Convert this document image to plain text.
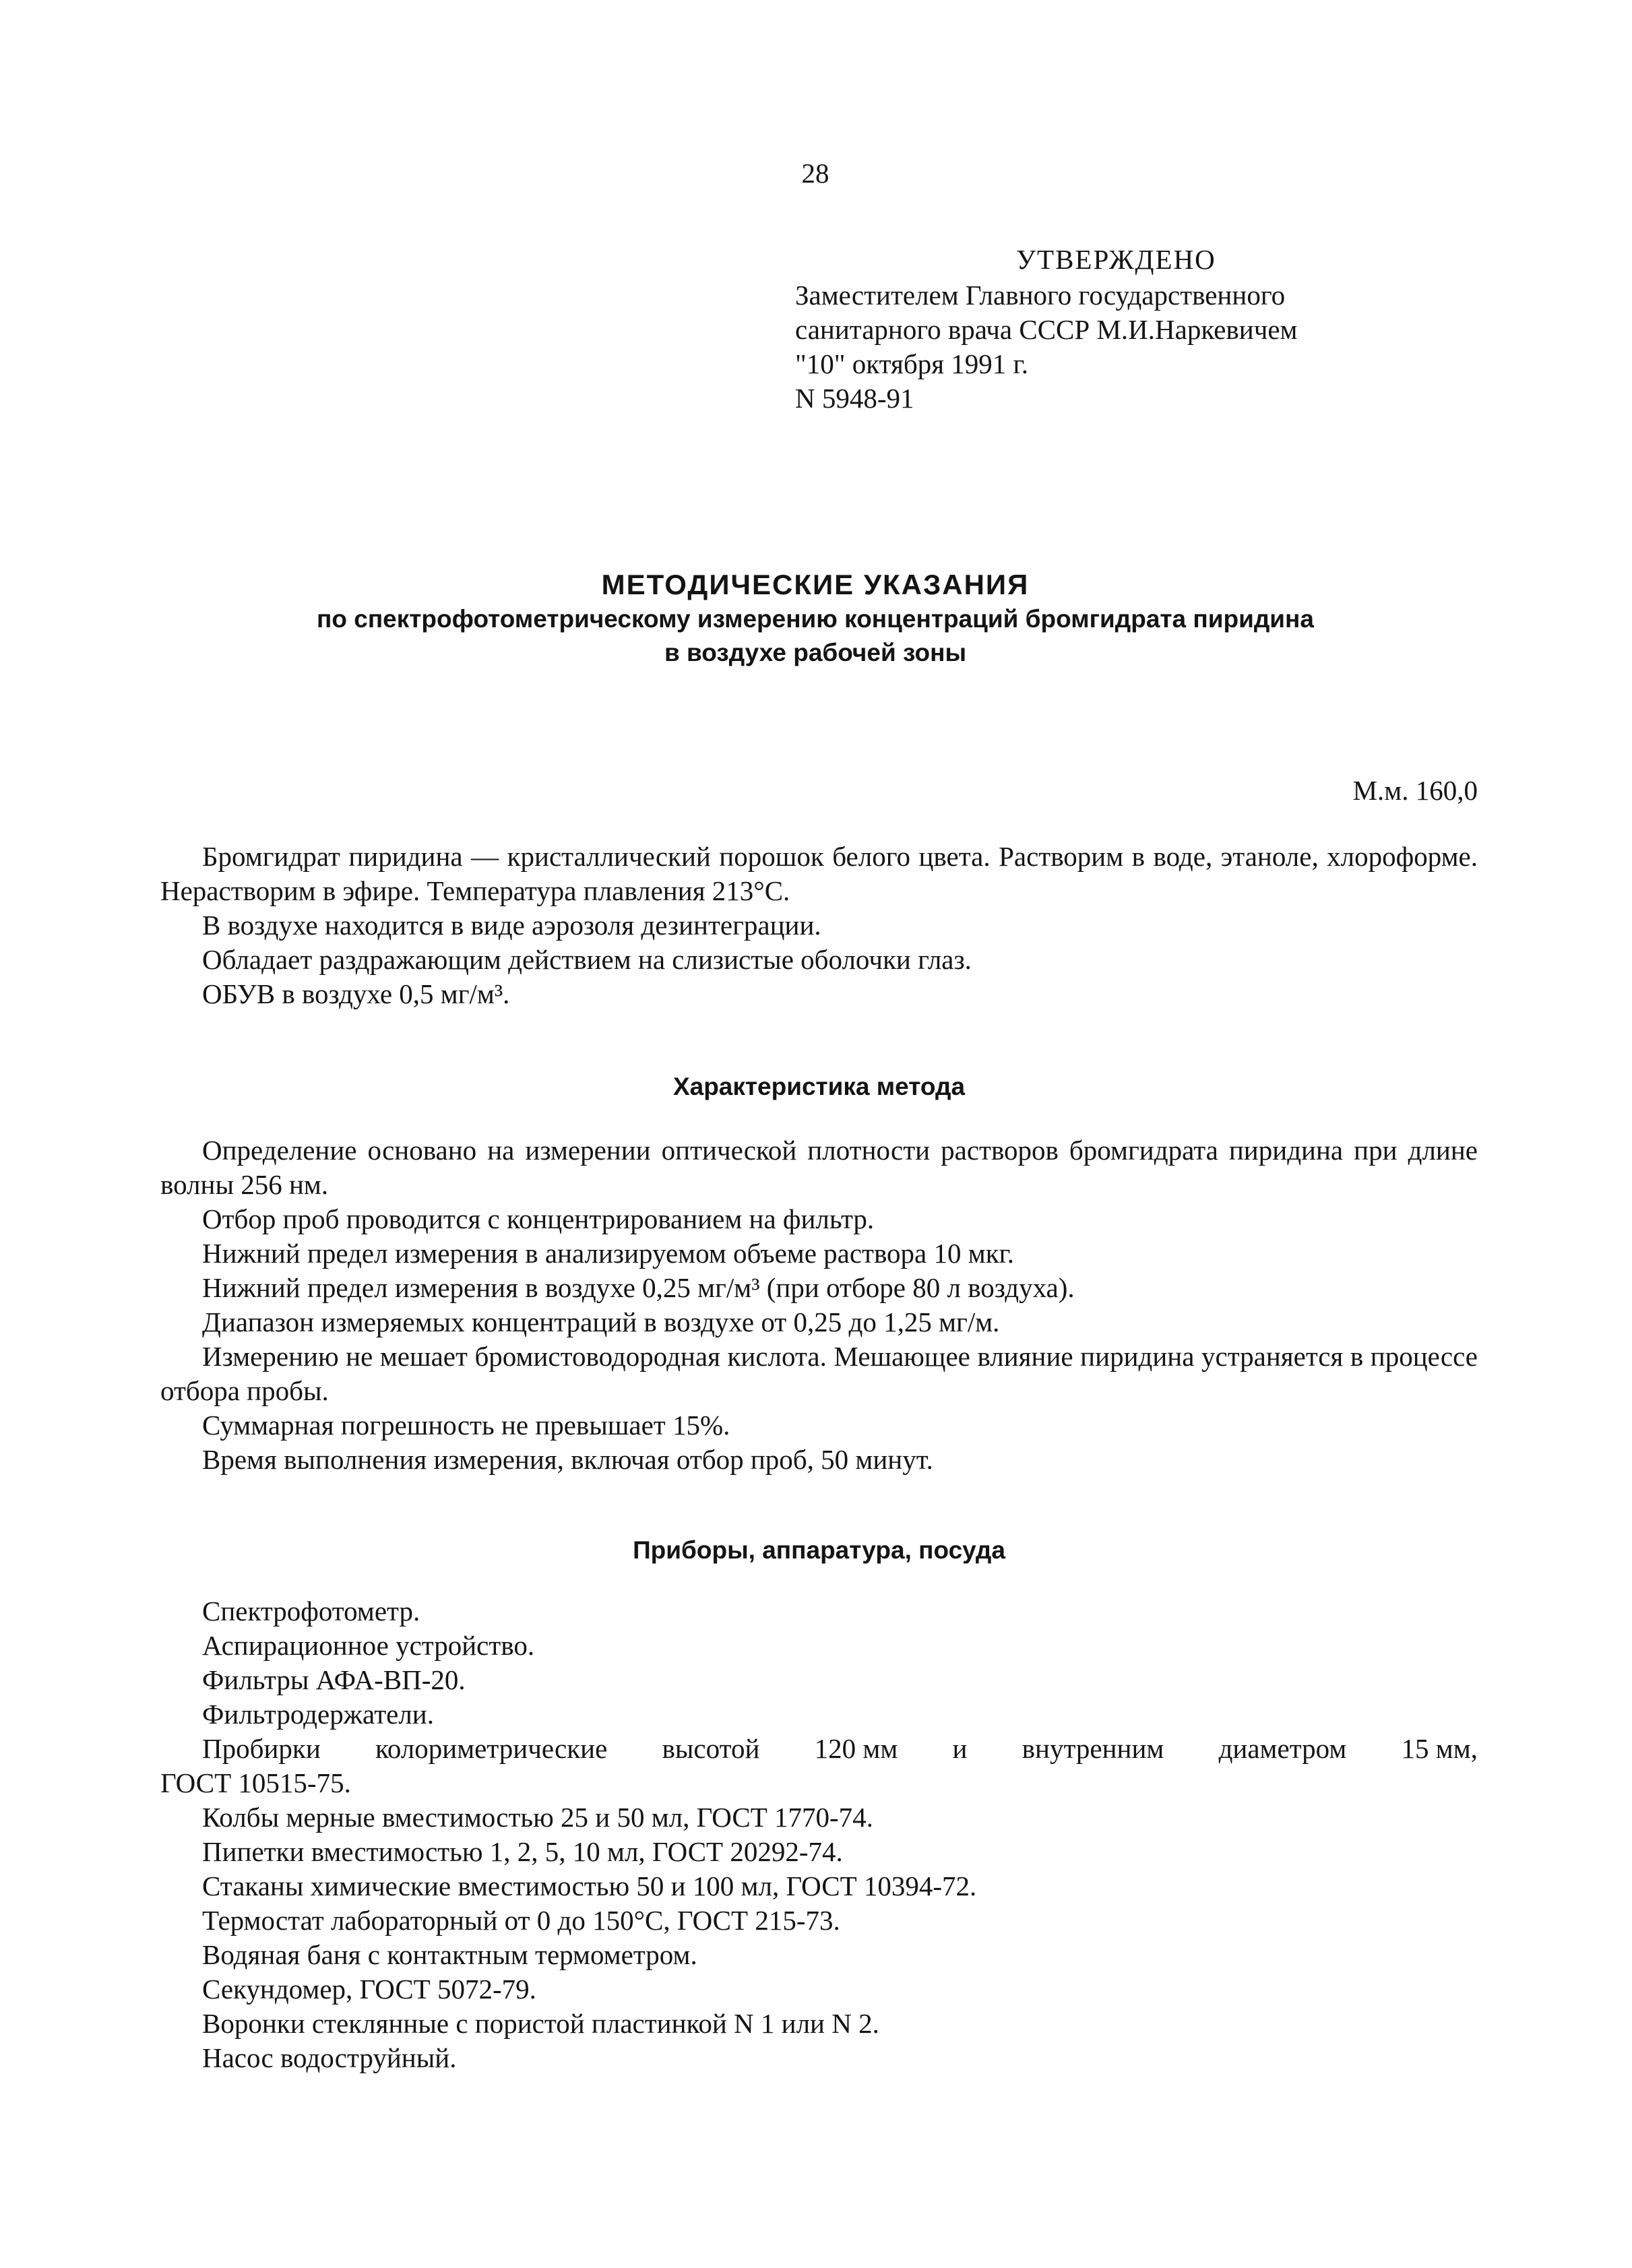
28
УТВЕРЖДЕНО
Заместителем Главного государственного
санитарного врача СССР М.И.Наркевичем
"10" октября 1991 г.
N 5948-91
МЕТОДИЧЕСКИЕ УКАЗАНИЯ
по спектрофотометрическому измерению концентраций бромгидрата пиридина
в воздухе рабочей зоны
М.м. 160,0

Бромгидрат пиридина — кристаллический порошок белого цвета. Растворим в воде, этаноле, хлороформе. Нерастворим в эфире. Температура плавления 213°С.

В воздухе находится в виде аэрозоля дезинтеграции.

Обладает раздражающим действием на слизистые оболочки глаз.

ОБУВ в воздухе 0,5 мг/м³.

Характеристика метода

Определение основано на измерении оптической плотности растворов бромгидрата пиридина при длине волны 256 нм.

Отбор проб проводится с концентрированием на фильтр.

Нижний предел измерения в анализируемом объеме раствора 10 мкг.

Нижний предел измерения в воздухе 0,25 мг/м³ (при отборе 80 л воздуха).

Диапазон измеряемых концентраций в воздухе от 0,25 до 1,25 мг/м.

Измерению не мешает бромистоводородная кислота. Мешающее влияние пиридина устраняется в процессе отбора пробы.

Суммарная погрешность не превышает 15%.

Время выполнения измерения, включая отбор проб, 50 минут.

Приборы, аппаратура, посуда

Спектрофотометр.

Аспирационное устройство.

Фильтры АФА-ВП-20.

Фильтродержатели.

Пробирки колориметрические высотой 120 мм и внутренним диаметром 15 мм,

ГОСТ 10515-75.

Колбы мерные вместимостью 25 и 50 мл, ГОСТ 1770-74.

Пипетки вместимостью 1, 2, 5, 10 мл, ГОСТ 20292-74.

Стаканы химические вместимостью 50 и 100 мл, ГОСТ 10394-72.

Термостат лабораторный от 0 до 150°С, ГОСТ 215-73.

Водяная баня с контактным термометром.

Секундомер, ГОСТ 5072-79.

Воронки стеклянные с пористой пластинкой N 1 или N 2.

Насос водоструйный.
